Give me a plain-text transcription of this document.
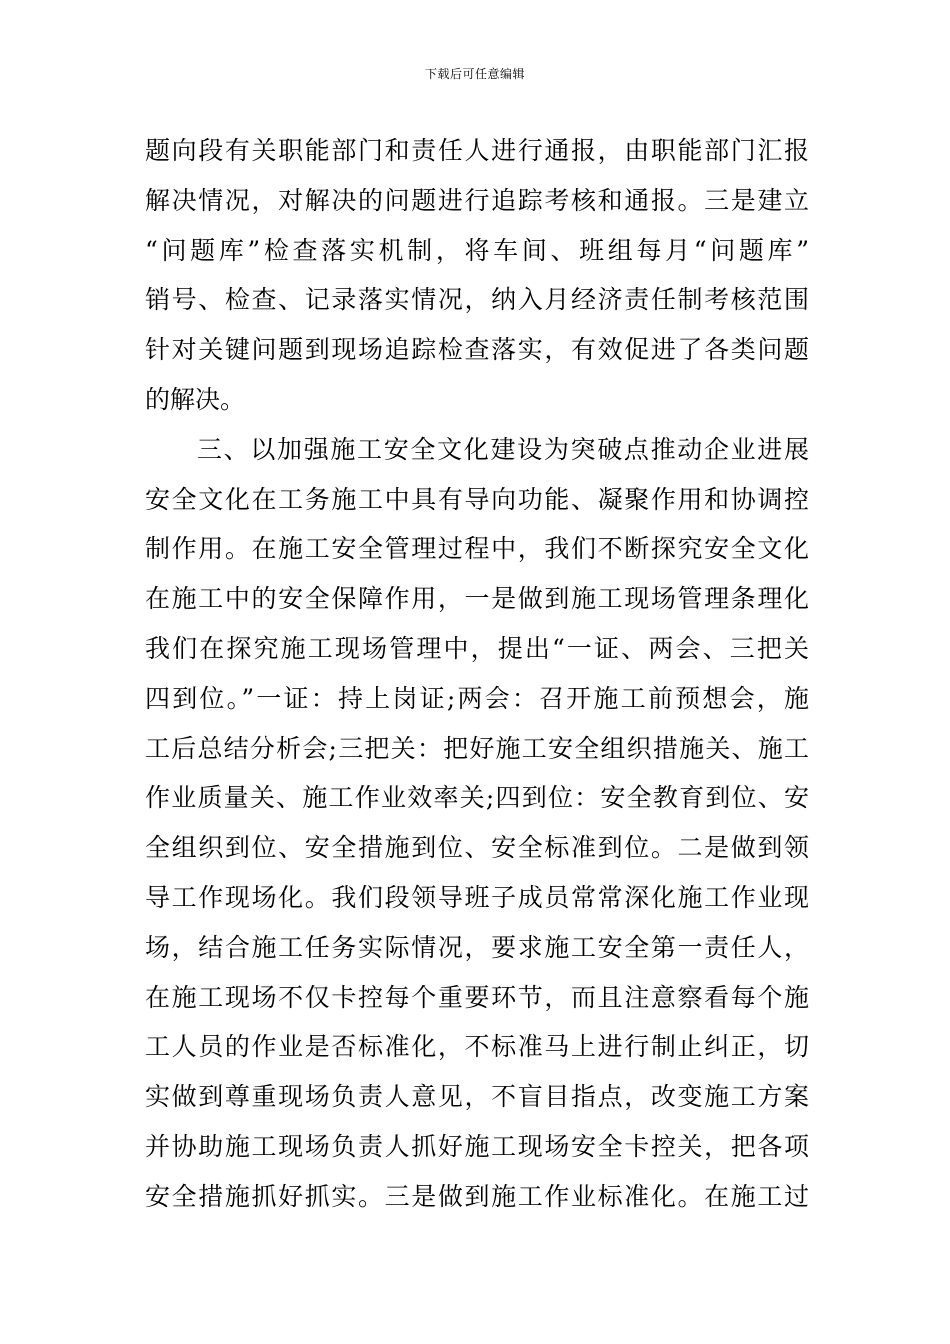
下载后可任意编辑
题向段有关职能部门和责任人进行通报，由职能部门汇报
解决情况，对解决的问题进行追踪考核和通报。三是建立
“问题库”检查落实机制，将车间、班组每月“问题库”
销号、检查、记录落实情况，纳入月经济责任制考核范围
针对关键问题到现场追踪检查落实，有效促进了各类问题
的解决。
三、以加强施工安全文化建设为突破点推动企业进展
安全文化在工务施工中具有导向功能、凝聚作用和协调控
制作用。在施工安全管理过程中，我们不断探究安全文化
在施工中的安全保障作用，一是做到施工现场管理条理化
我们在探究施工现场管理中，提出“一证、两会、三把关
四到位。”一证：持上岗证;两会：召开施工前预想会，施
工后总结分析会;三把关：把好施工安全组织措施关、施工
作业质量关、施工作业效率关;四到位：安全教育到位、安
全组织到位、安全措施到位、安全标准到位。二是做到领
导工作现场化。我们段领导班子成员常常深化施工作业现
场，结合施工任务实际情况，要求施工安全第一责任人，
在施工现场不仅卡控每个重要环节，而且注意察看每个施
工人员的作业是否标准化，不标准马上进行制止纠正，切
实做到尊重现场负责人意见，不盲目指点，改变施工方案
并协助施工现场负责人抓好施工现场安全卡控关，把各项
安全措施抓好抓实。三是做到施工作业标准化。在施工过
